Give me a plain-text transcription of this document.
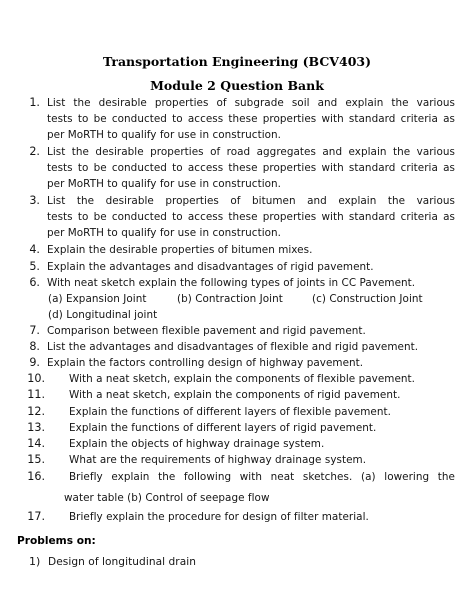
Transportation Engineering (BCV403)
Module 2 Question Bank
1. List the desirable properties of subgrade soil and explain the various
tests to be conducted to access these properties with standard criteria as
per MoRTH to qualify for use in construction.
2. List the desirable properties of road aggregates and explain the various
tests to be conducted to access these properties with standard criteria as
per MoRTH to qualify for use in construction.
3. List the desirable properties of bitumen and explain the various
tests to be conducted to access these properties with standard criteria as
per MoRTH to qualify for use in construction.
4. Explain the desirable properties of bitumen mixes.
5. Explain the advantages and disadvantages of rigid pavement.
6. With neat sketch explain the following types of joints in CC Pavement.
(a) Expansion Joint	(b) Contraction Joint	(c) Construction Joint
(d) Longitudinal joint
7. Comparison between flexible pavement and rigid pavement.
8. List the advantages and disadvantages of flexible and rigid pavement.
9. Explain the factors controlling design of highway pavement.
10. With a neat sketch, explain the components of flexible pavement.
11. With a neat sketch, explain the components of rigid pavement.
12. Explain the functions of different layers of flexible pavement.
13. Explain the functions of different layers of rigid pavement.
14. Explain the objects of highway drainage system.
15. What are the requirements of highway drainage system.
16. Briefly explain the following with neat sketches. (a) lowering the
water table (b) Control of seepage flow
17. Briefly explain the procedure for design of filter material.
Problems on:
1) Design of longitudinal drain
